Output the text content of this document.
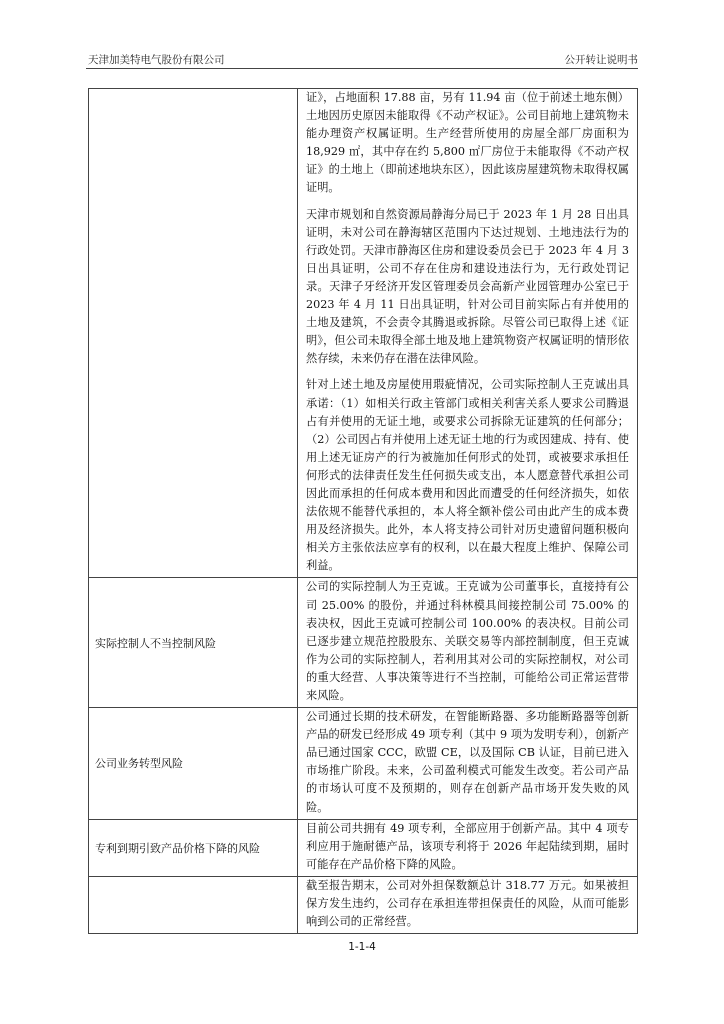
天津加美特电气股份有限公司	公开转让说明书

证》，占地面积 17.88 亩，另有 11.94 亩（位于前述土地东侧）土地因历史原因未能取得《不动产权证》。公司目前地上建筑物未能办理资产权属证明。生产经营所使用的房屋全部厂房面积为 18,929 ㎡，其中存在约 5,800 ㎡厂房位于未能取得《不动产权证》的土地上（即前述地块东区），因此该房屋建筑物未取得权属证明。

天津市规划和自然资源局静海分局已于 2023 年 1 月 28 日出具证明，未对公司在静海辖区范围内下达过规划、土地违法行为的行政处罚。天津市静海区住房和建设委员会已于 2023 年 4 月 3 日出具证明，公司不存在住房和建设违法行为，无行政处罚记录。天津子牙经济开发区管理委员会高新产业园管理办公室已于 2023 年 4 月 11 日出具证明，针对公司目前实际占有并使用的土地及建筑，不会责令其腾退或拆除。尽管公司已取得上述《证明》，但公司未取得全部土地及地上建筑物资产权属证明的情形依然存续，未来仍存在潜在法律风险。

针对上述土地及房屋使用瑕疵情况，公司实际控制人王克诚出具承诺：（1）如相关行政主管部门或相关利害关系人要求公司腾退占有并使用的无证土地，或要求公司拆除无证建筑的任何部分；（2）公司因占有并使用上述无证土地的行为或因建成、持有、使用上述无证房产的行为被施加任何形式的处罚，或被要求承担任何形式的法律责任发生任何损失或支出，本人愿意替代承担公司因此而承担的任何成本费用和因此而遭受的任何经济损失，如依法依规不能替代承担的，本人将全额补偿公司由此产生的成本费用及经济损失。此外，本人将支持公司针对历史遗留问题积极向相关方主张依法应享有的权利，以在最大程度上维护、保障公司利益。

实际控制人不当控制风险

公司的实际控制人为王克诚。王克诚为公司董事长，直接持有公司 25.00% 的股份，并通过科林模具间接控制公司 75.00% 的表决权，因此王克诚可控制公司 100.00% 的表决权。目前公司已逐步建立规范控股股东、关联交易等内部控制制度，但王克诚作为公司的实际控制人，若利用其对公司的实际控制权，对公司的重大经营、人事决策等进行不当控制，可能给公司正常运营带来风险。

公司业务转型风险

公司通过长期的技术研发，在智能断路器、多功能断路器等创新产品的研发已经形成 49 项专利（其中 9 项为发明专利），创新产品已通过国家 CCC，欧盟 CE，以及国际 CB 认证，目前已进入市场推广阶段。未来，公司盈利模式可能发生改变。若公司产品的市场认可度不及预期的，则存在创新产品市场开发失败的风险。

专利到期引致产品价格下降的风险

目前公司共拥有 49 项专利，全部应用于创新产品。其中 4 项专利应用于施耐德产品，该项专利将于 2026 年起陆续到期，届时可能存在产品价格下降的风险。

截至报告期末，公司对外担保数额总计 318.77 万元。如果被担保方发生违约，公司存在承担连带担保责任的风险，从而可能影响到公司的正常经营。

1-1-4
